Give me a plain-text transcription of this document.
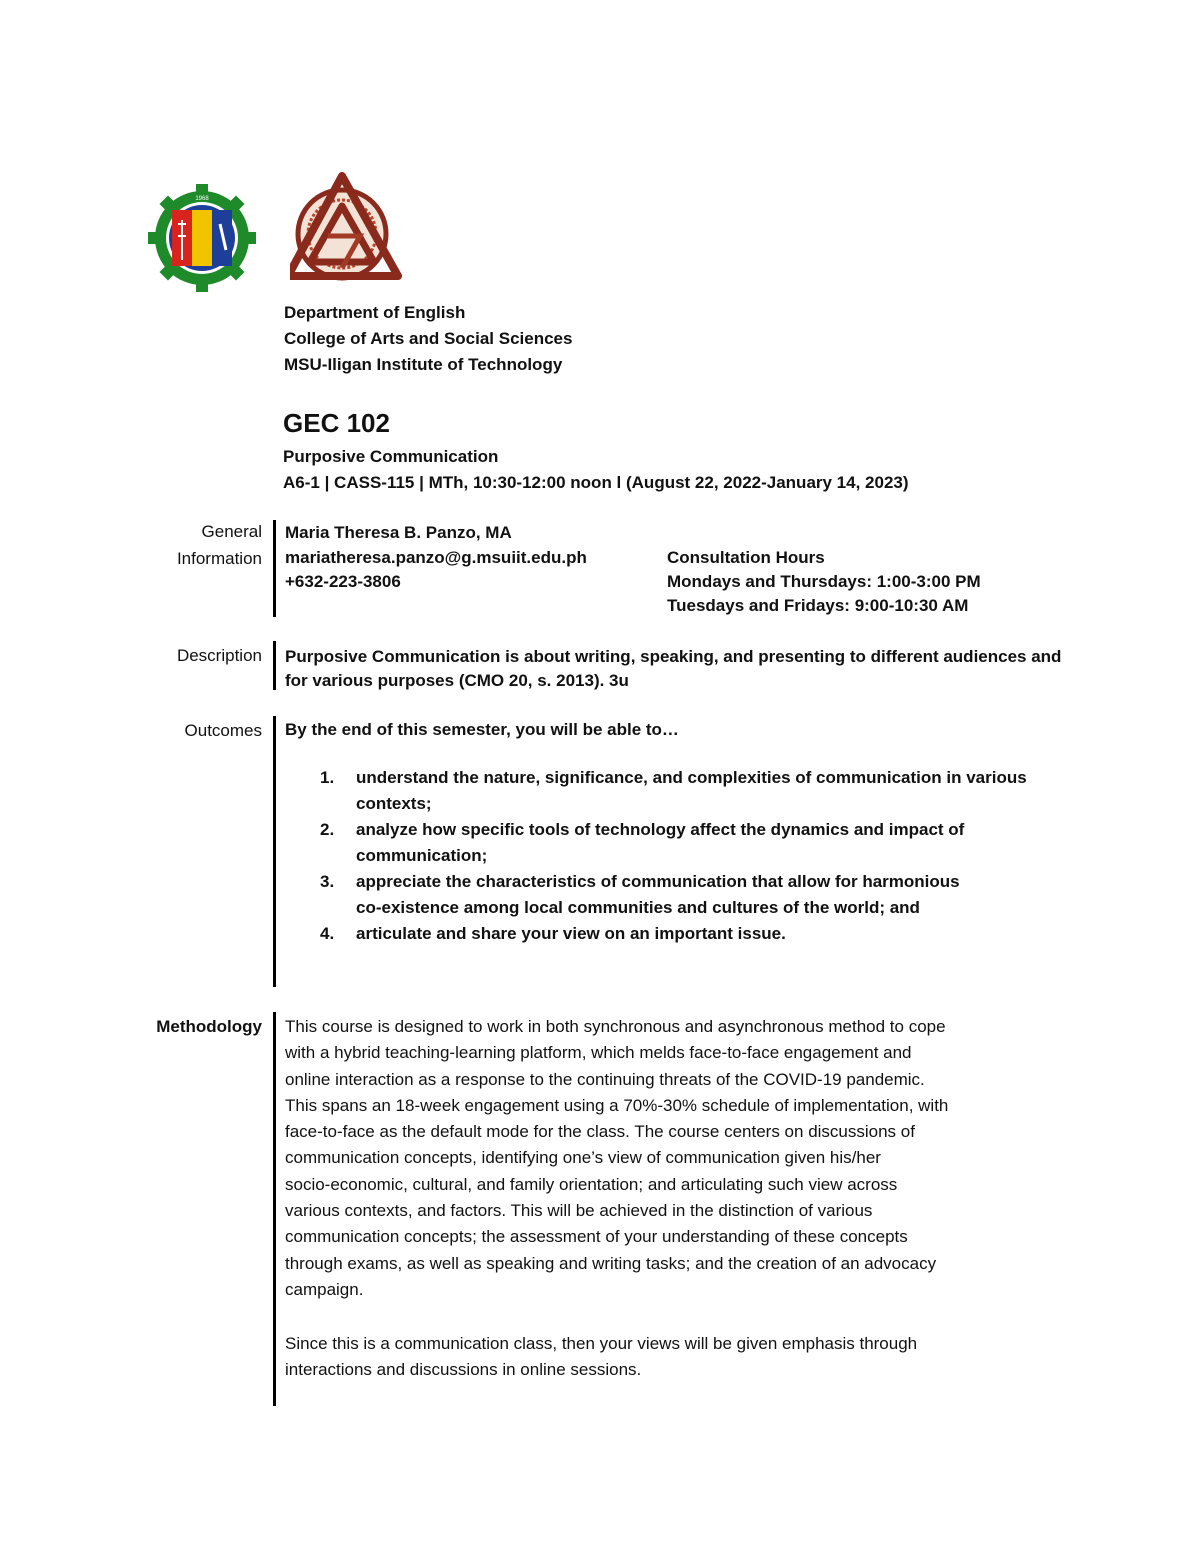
1968
Department of English
College of Arts and Social Sciences
MSU-Iligan Institute of Technology
GEC 102
Purposive Communication
A6-1 | CASS-115 | MTh, 10:30-12:00 noon l (August 22, 2022-January 14, 2023)
General
Information
Maria Theresa B. Panzo, MA
mariatheresa.panzo@g.msuiit.edu.ph
+632-223-3806
Consultation Hours
Mondays and Thursdays: 1:00-3:00 PM
Tuesdays and Fridays: 9:00-10:30 AM
Description Purposive Communication is about writing, speaking, and presenting to different audiences and
for various purposes (CMO 20, s. 2013). 3u
Outcomes By the end of this semester, you will be able to…
1. understand the nature, significance, and complexities of communication in various
contexts;
2. analyze how specific tools of technology affect the dynamics and impact of
communication;
3. appreciate the characteristics of communication that allow for harmonious
co-existence among local communities and cultures of the world; and
4. articulate and share your view on an important issue.
Methodology This course is designed to work in both synchronous and asynchronous method to cope

with a hybrid teaching-learning platform, which melds face-to-face engagement and

online interaction as a response to the continuing threats of the COVID-19 pandemic.

This spans an 18-week engagement using a 70%-30% schedule of implementation, with

face-to-face as the default mode for the class. The course centers on discussions of

communication concepts, identifying one’s view of communication given his/her

socio-economic, cultural, and family orientation; and articulating such view across

various contexts, and factors. This will be achieved in the distinction of various

communication concepts; the assessment of your understanding of these concepts

through exams, as well as speaking and writing tasks; and the creation of an advocacy

campaign.

Since this is a communication class, then your views will be given emphasis through

interactions and discussions in online sessions.
